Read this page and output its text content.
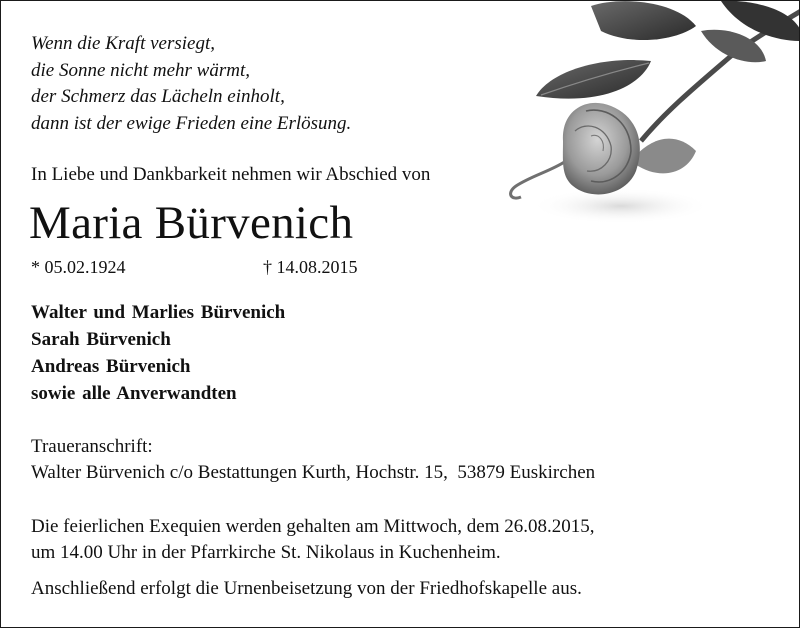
Wenn die Kraft versiegt,
die Sonne nicht mehr wärmt,
der Schmerz das Lächeln einholt,
dann ist der ewige Frieden eine Erlösung.

In Liebe und Dankbarkeit nehmen wir Abschied von

Maria Bürvenich

* 05.02.1924	† 14.08.2015

Walter und Marlies Bürvenich
Sarah Bürvenich
Andreas Bürvenich
sowie alle Anverwandten

Traueranschrift:

Walter Bürvenich c/o Bestattungen Kurth, Hochstr. 15,  53879 Euskirchen

Die feierlichen Exequien werden gehalten am Mittwoch, dem 26.08.2015,
um 14.00 Uhr in der Pfarrkirche St. Nikolaus in Kuchenheim.

Anschließend erfolgt die Urnenbeisetzung von der Friedhofskapelle aus.
